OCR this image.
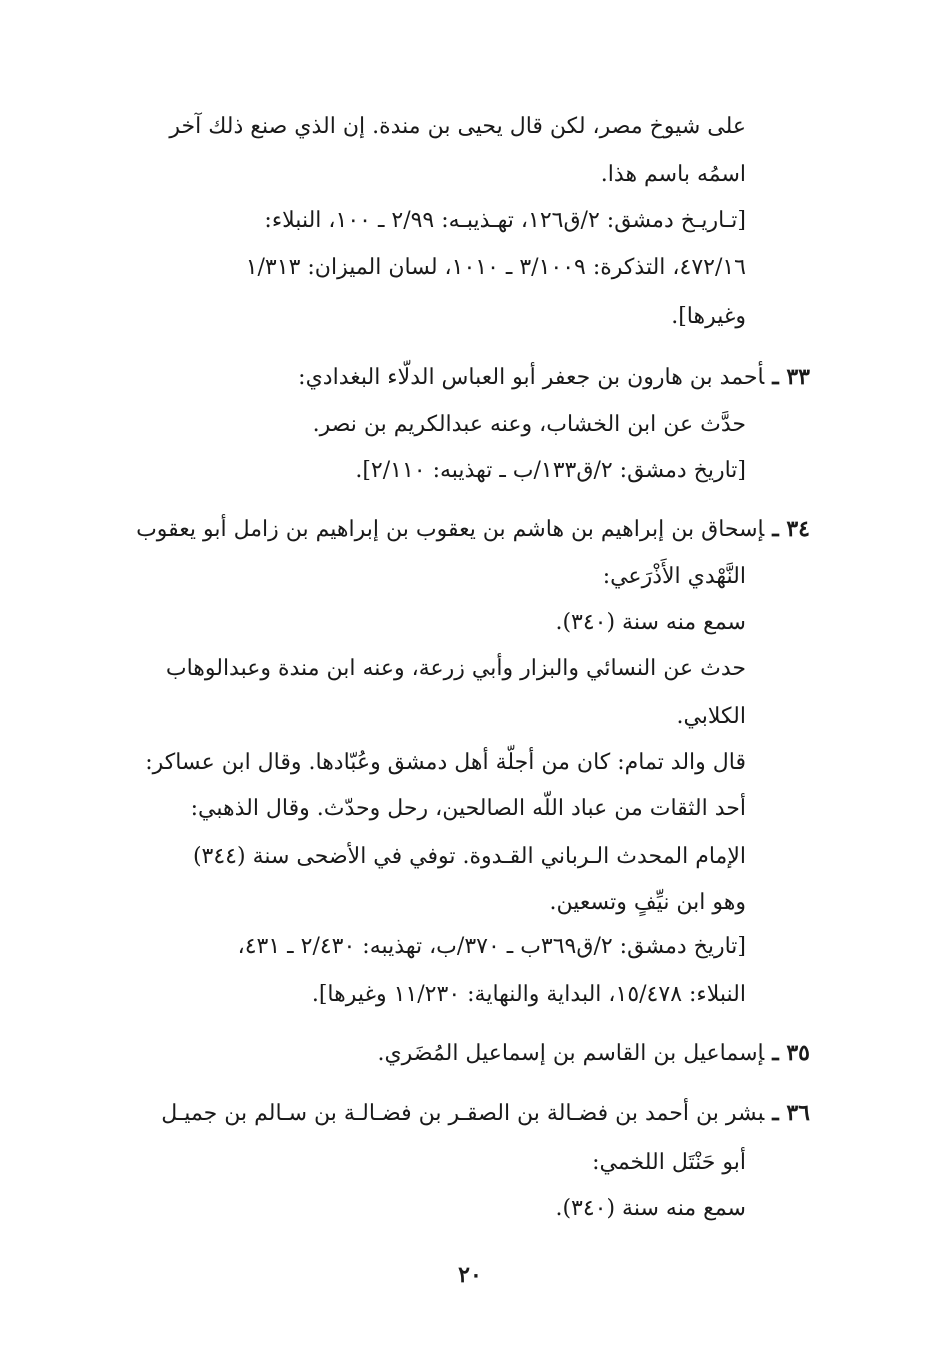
على شيوخ مصر، لكن قال يحيى بن مندة. إن الذي صنع ذلك آخر
اسمُه باسم هذا.
[تـاريـخ دمشق: ٢/ق١٢٦، تهـذيبـه: ٢/٩٩ ـ ١٠٠، النبلاء:
٤٧٢/١٦، التذكرة: ٣/١٠٠٩ ـ ١٠١٠، لسان الميزان: ١/٣١٣
وغيرها].
٣٣ ـأحمد بن هارون بن جعفر أبو العباس الدلّاء البغدادي:
حدَّث عن ابن الخشاب، وعنه عبدالكريم بن نصر.
[تاريخ دمشق: ٢/ق١٣٣/ب ـ تهذيبه: ٢/١١٠].
٣٤ ـإسحاق بن إبراهيم بن هاشم بن يعقوب بن إبراهيم بن زامل أبو يعقوب
النَّهْدي الأَذْرَعي:
سمع منه سنة (٣٤٠).
حدث عن النسائي والبزار وأبي زرعة، وعنه ابن مندة وعبدالوهاب
الكلابي.
قال والد تمام: كان من أجلّة أهل دمشق وعُبّادها. وقال ابن عساكر:
أحد الثقات من عباد اللّه الصالحين، رحل وحدّث. وقال الذهبي:
الإمام المحدث الـرباني القـدوة. توفي في الأضحى سنة (٣٤٤)
وهو ابن نيِّفٍ وتسعين.
[تاريخ دمشق: ٢/ق٣٦٩ب ـ ٣٧٠/ب، تهذيبه: ٢/٤٣٠ ـ ٤٣١،
النبلاء: ١٥/٤٧٨، البداية والنهاية: ١١/٢٣٠ وغيرها].
٣٥ ـإسماعيل بن القاسم بن إسماعيل المُضَري.
٣٦ ـبشر بن أحمد بن فضـالة بن الصقـر بن فضـالـة بن سـالم بن جميـل
أبو حَنْتَل اللخمي:
سمع منه سنة (٣٤٠).
٢٠
